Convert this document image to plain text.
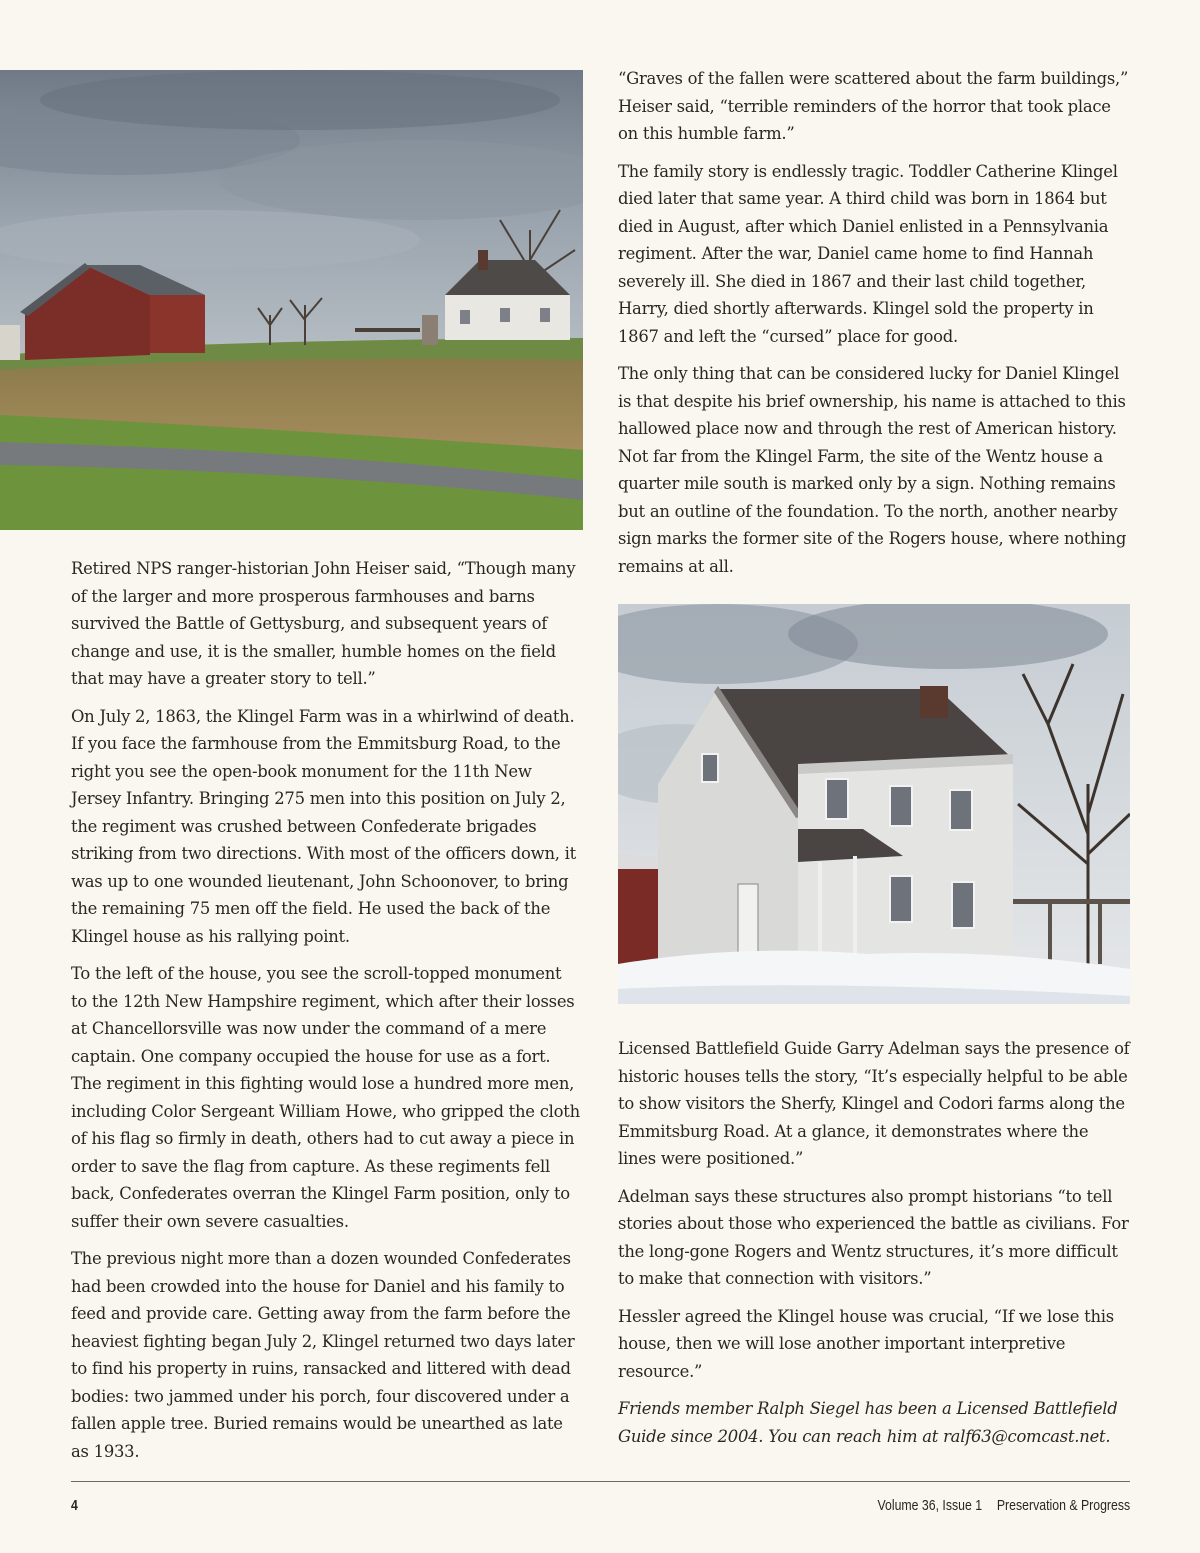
Retired NPS ranger-historian John Heiser said, “Though many of the larger and more prosperous farmhouses and barns survived the Battle of Gettysburg, and subsequent years of change and use, it is the smaller, humble homes on the field that may have a greater story to tell.”

On July 2, 1863, the Klingel Farm was in a whirlwind of death. If you face the farmhouse from the Emmitsburg Road, to the right you see the open-book monument for the 11th New Jersey Infantry. Bringing 275 men into this position on July 2, the regiment was crushed between Confederate brigades striking from two directions. With most of the officers down, it was up to one wounded lieutenant, John Schoonover, to bring the remaining 75 men off the field. He used the back of the Klingel house as his rallying point.

To the left of the house, you see the scroll-topped monument to the 12th New Hampshire regiment, which after their losses at Chancellorsville was now under the command of a mere captain. One company occupied the house for use as a fort. The regiment in this fighting would lose a hundred more men, including Color Sergeant William Howe, who gripped the cloth of his flag so firmly in death, others had to cut away a piece in order to save the flag from capture. As these regiments fell back, Confederates overran the Klingel Farm position, only to suffer their own severe casualties.

The previous night more than a dozen wounded Confederates had been crowded into the house for Daniel and his family to feed and provide care. Getting away from the farm before the heaviest fighting began July 2, Klingel returned two days later to find his property in ruins, ransacked and littered with dead bodies: two jammed under his porch, four discovered under a fallen apple tree. Buried remains would be unearthed as late as 1933.

“Graves of the fallen were scattered about the farm buildings,” Heiser said, “terrible reminders of the horror that took place on this humble farm.”

The family story is endlessly tragic. Toddler Catherine Klingel died later that same year. A third child was born in 1864 but died in August, after which Daniel enlisted in a Pennsylvania regiment. After the war, Daniel came home to find Hannah severely ill. She died in 1867 and their last child together, Harry, died shortly afterwards. Klingel sold the property in 1867 and left the “cursed” place for good.

The only thing that can be considered lucky for Daniel Klingel is that despite his brief ownership, his name is attached to this hallowed place now and through the rest of American history. Not far from the Klingel Farm, the site of the Wentz house a quarter mile south is marked only by a sign. Nothing remains but an outline of the foundation. To the north, another nearby sign marks the former site of the Rogers house, where nothing remains at all.

Licensed Battlefield Guide Garry Adelman says the presence of historic houses tells the story, “It’s especially helpful to be able to show visitors the Sherfy, Klingel and Codori farms along the Emmitsburg Road. At a glance, it demonstrates where the lines were positioned.”

Adelman says these structures also prompt historians “to tell stories about those who experienced the battle as civilians. For the long-gone Rogers and Wentz structures, it’s more difficult to make that connection with visitors.”

Hessler agreed the Klingel house was crucial, “If we lose this house, then we will lose another important interpretive resource.”

Friends member Ralph Siegel has been a Licensed Battlefield Guide since 2004. You can reach him at ralf63@comcast.net.

4	Volume 36, Issue 1 Preservation & Progress
